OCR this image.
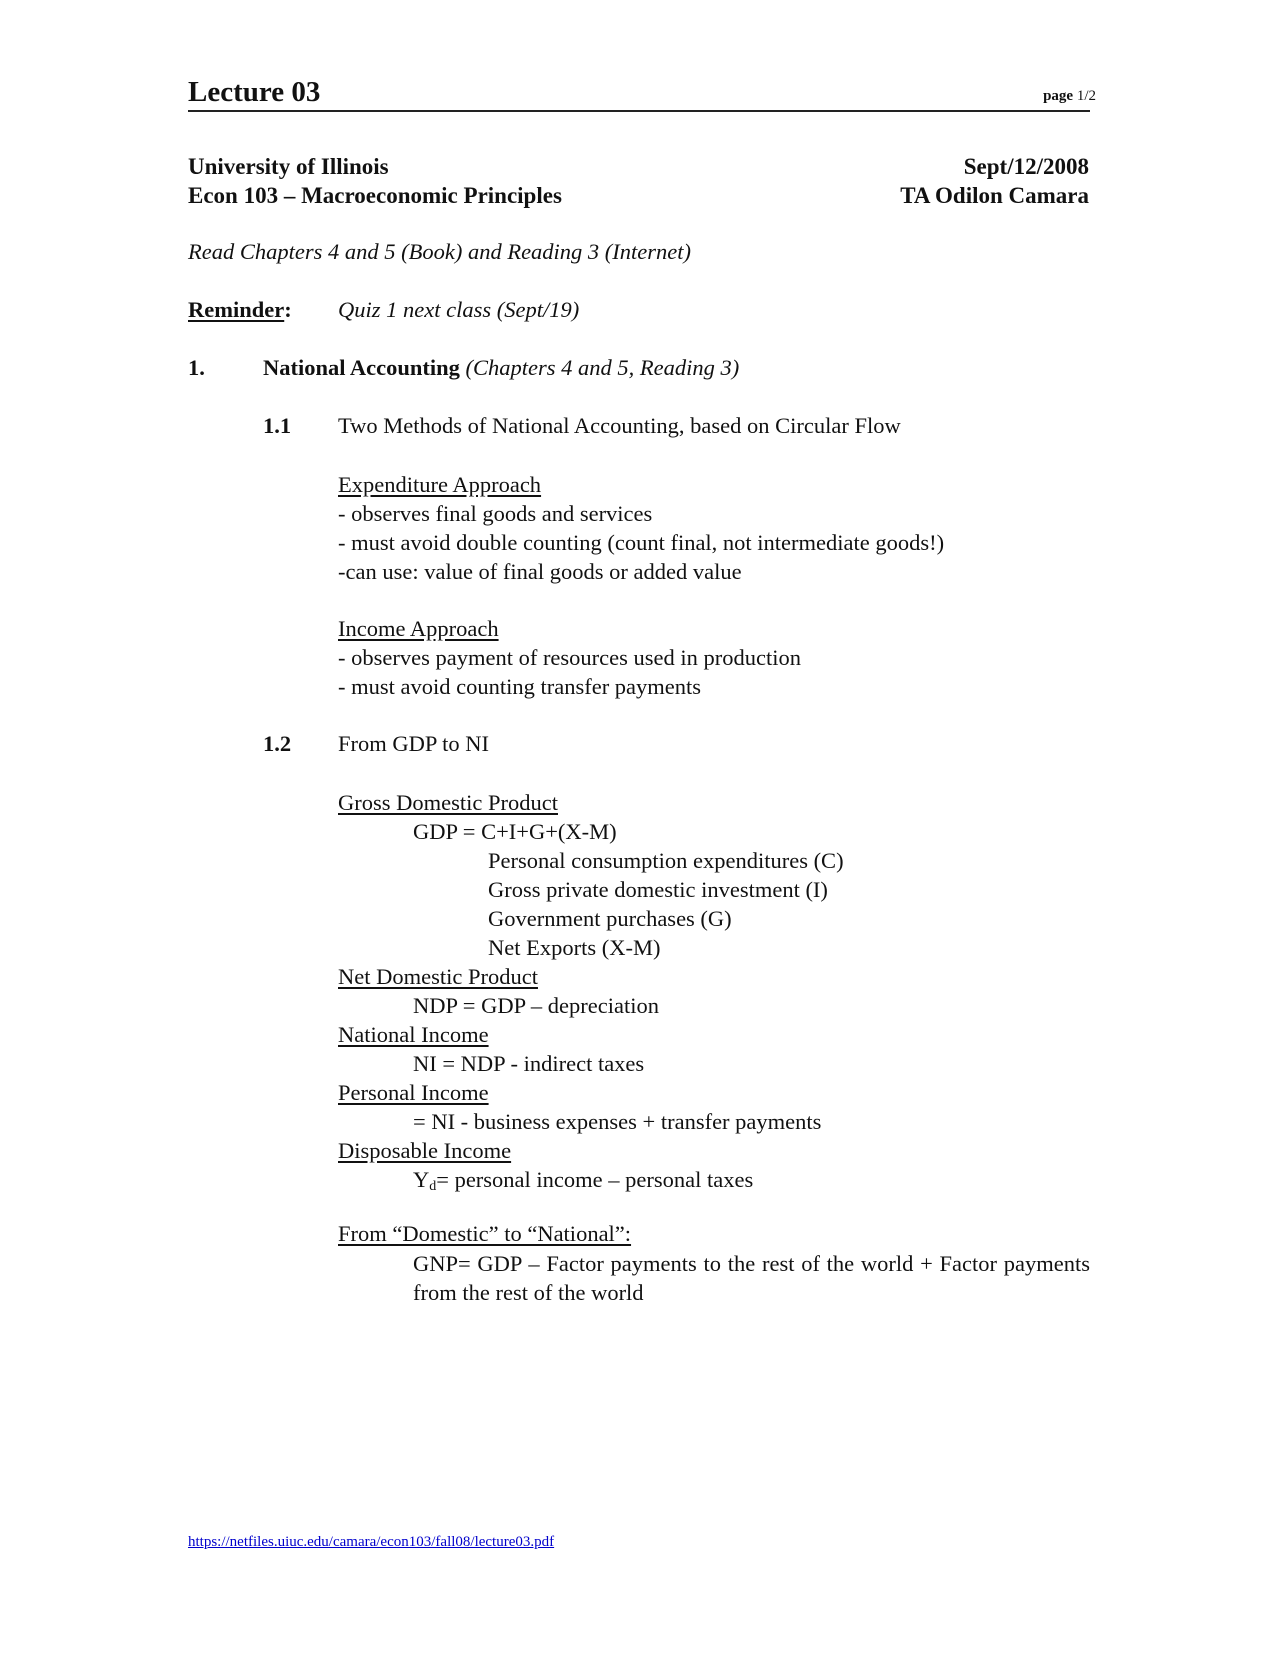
Lecture 03	page 1/2
University of Illinois
Econ 103 – Macroeconomic Principles
Sept/12/2008
TA Odilon Camara
Read Chapters 4 and 5 (Book) and Reading 3 (Internet)
Reminder: Quiz 1 next class (Sept/19)
1.	National Accounting (Chapters 4 and 5, Reading 3)
1.1 Two Methods of National Accounting, based on Circular Flow
Expenditure Approach
- observes final goods and services
- must avoid double counting (count final, not intermediate goods!)
-can use: value of final goods or added value
Income Approach
- observes payment of resources used in production
- must avoid counting transfer payments
1.2 From GDP to NI
Gross Domestic Product
GDP = C+I+G+(X-M)
Personal consumption expenditures (C)
Gross private domestic investment (I)
Government purchases (G)
Net Exports (X-M)
Net Domestic Product
NDP = GDP – depreciation
National Income
NI = NDP - indirect taxes
Personal Income
= NI - business expenses + transfer payments
Disposable Income
$Y_d=$ personal income – personal taxes
From “Domestic” to “National”:
GNP= GDP – Factor payments to the rest of the world + Factor payments from the rest of the world
https://netfiles.uiuc.edu/camara/econ103/fall08/lecture03.pdf
